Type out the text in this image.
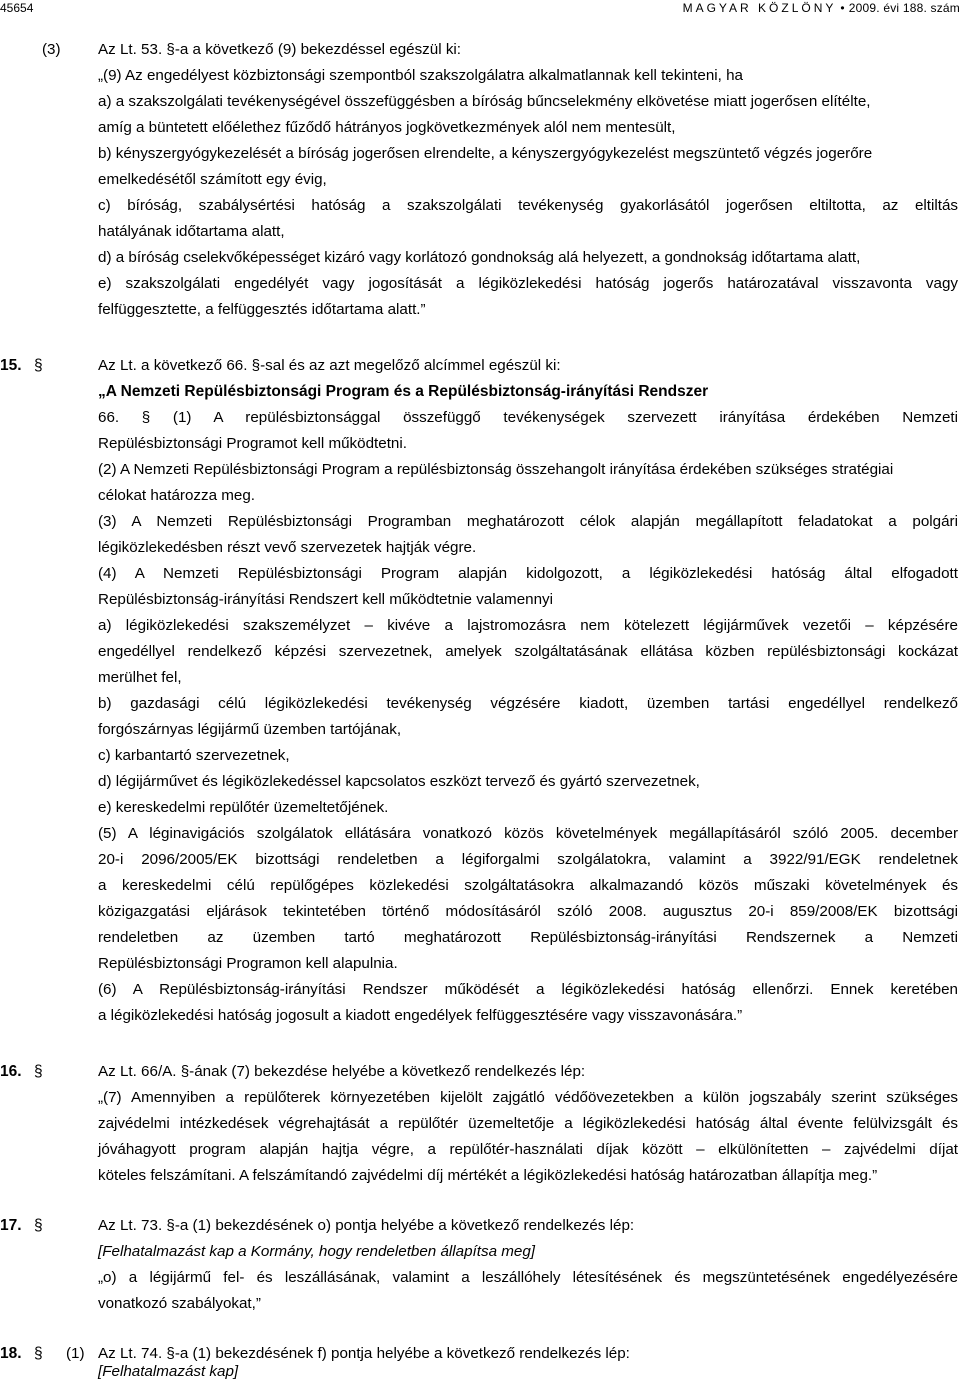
45654	MAGYAR KÖZLÖNY • 2009. évi 188. szám
(3) Az Lt. 53. §-a a következő (9) bekezdéssel egészül ki:
„(9) Az engedélyest közbiztonsági szempontból szakszolgálatra alkalmatlannak kell tekinteni, ha
a) a szakszolgálati tevékenységével összefüggésben a bíróság bűncselekmény elkövetése miatt jogerősen elítélte,
amíg a büntetett előélethez fűződő hátrányos jogkövetkezmények alól nem mentesült,
b) kényszergyógykezelését a bíróság jogerősen elrendelte, a kényszergyógykezelést megszüntető végzés jogerőre
emelkedésétől számított egy évig,
c) bíróság, szabálysértési hatóság a szakszolgálati tevékenység gyakorlásától jogerősen eltiltotta, az eltiltás
hatályának időtartama alatt,
d) a bíróság cselekvőképességet kizáró vagy korlátozó gondnokság alá helyezett, a gondnokság időtartama alatt,
e) szakszolgálati engedélyét vagy jogosítását a légiközlekedési hatóság jogerős határozatával visszavonta vagy
felfüggesztette, a felfüggesztés időtartama alatt.”
15. §	Az Lt. a következő 66. §-sal és az azt megelőző alcímmel egészül ki:
„A Nemzeti Repülésbiztonsági Program és a Repülésbiztonság-irányítási Rendszer
66. § (1) A repülésbiztonsággal összefüggő tevékenységek szervezett irányítása érdekében Nemzeti
Repülésbiztonsági Programot kell működtetni.
(2) A Nemzeti Repülésbiztonsági Program a repülésbiztonság összehangolt irányítása érdekében szükséges stratégiai
célokat határozza meg.
(3) A Nemzeti Repülésbiztonsági Programban meghatározott célok alapján megállapított feladatokat a polgári
légiközlekedésben részt vevő szervezetek hajtják végre.
(4) A Nemzeti Repülésbiztonsági Program alapján kidolgozott, a légiközlekedési hatóság által elfogadott
Repülésbiztonság-irányítási Rendszert kell működtetnie valamennyi
a) légiközlekedési szakszemélyzet – kivéve a lajstromozásra nem kötelezett légijárművek vezetői – képzésére
engedéllyel rendelkező képzési szervezetnek, amelyek szolgáltatásának ellátása közben repülésbiztonsági kockázat
merülhet fel,
b) gazdasági célú légiközlekedési tevékenység végzésére kiadott, üzemben tartási engedéllyel rendelkező
forgószárnyas légijármű üzemben tartójának,
c) karbantartó szervezetnek,
d) légijárművet és légiközlekedéssel kapcsolatos eszközt tervező és gyártó szervezetnek,
e) kereskedelmi repülőtér üzemeltetőjének.
(5) A léginavigációs szolgálatok ellátására vonatkozó közös követelmények megállapításáról szóló 2005. december
20-i 2096/2005/EK bizottsági rendeletben a légiforgalmi szolgálatokra, valamint a 3922/91/EGK rendeletnek
a kereskedelmi célú repülőgépes közlekedési szolgáltatásokra alkalmazandó közös műszaki követelmények és
közigazgatási eljárások tekintetében történő módosításáról szóló 2008. augusztus 20-i 859/2008/EK bizottsági
rendeletben az üzemben tartó meghatározott Repülésbiztonság-irányítási Rendszernek a Nemzeti
Repülésbiztonsági Programon kell alapulnia.
(6) A Repülésbiztonság-irányítási Rendszer működését a légiközlekedési hatóság ellenőrzi. Ennek keretében
a légiközlekedési hatóság jogosult a kiadott engedélyek felfüggesztésére vagy visszavonására.”
16. §	Az Lt. 66/A. §-ának (7) bekezdése helyébe a következő rendelkezés lép:
„(7) Amennyiben a repülőterek környezetében kijelölt zajgátló védőövezetekben a külön jogszabály szerint szükséges
zajvédelmi intézkedések végrehajtását a repülőtér üzemeltetője a légiközlekedési hatóság által évente felülvizsgált és
jóváhagyott program alapján hajtja végre, a repülőtér-használati díjak között – elkülönítetten – zajvédelmi díjat
köteles felszámítani. A felszámítandó zajvédelmi díj mértékét a légiközlekedési hatóság határozatban állapítja meg.”
17. §	Az Lt. 73. §-a (1) bekezdésének o) pontja helyébe a következő rendelkezés lép:
[Felhatalmazást kap a Kormány, hogy rendeletben állapítsa meg]
„o) a légijármű fel- és leszállásának, valamint a leszállóhely létesítésének és megszüntetésének engedélyezésére
vonatkozó szabályokat,”
18. § (1) Az Lt. 74. §-a (1) bekezdésének f) pontja helyébe a következő rendelkezés lép:
[Felhatalmazást kap]
